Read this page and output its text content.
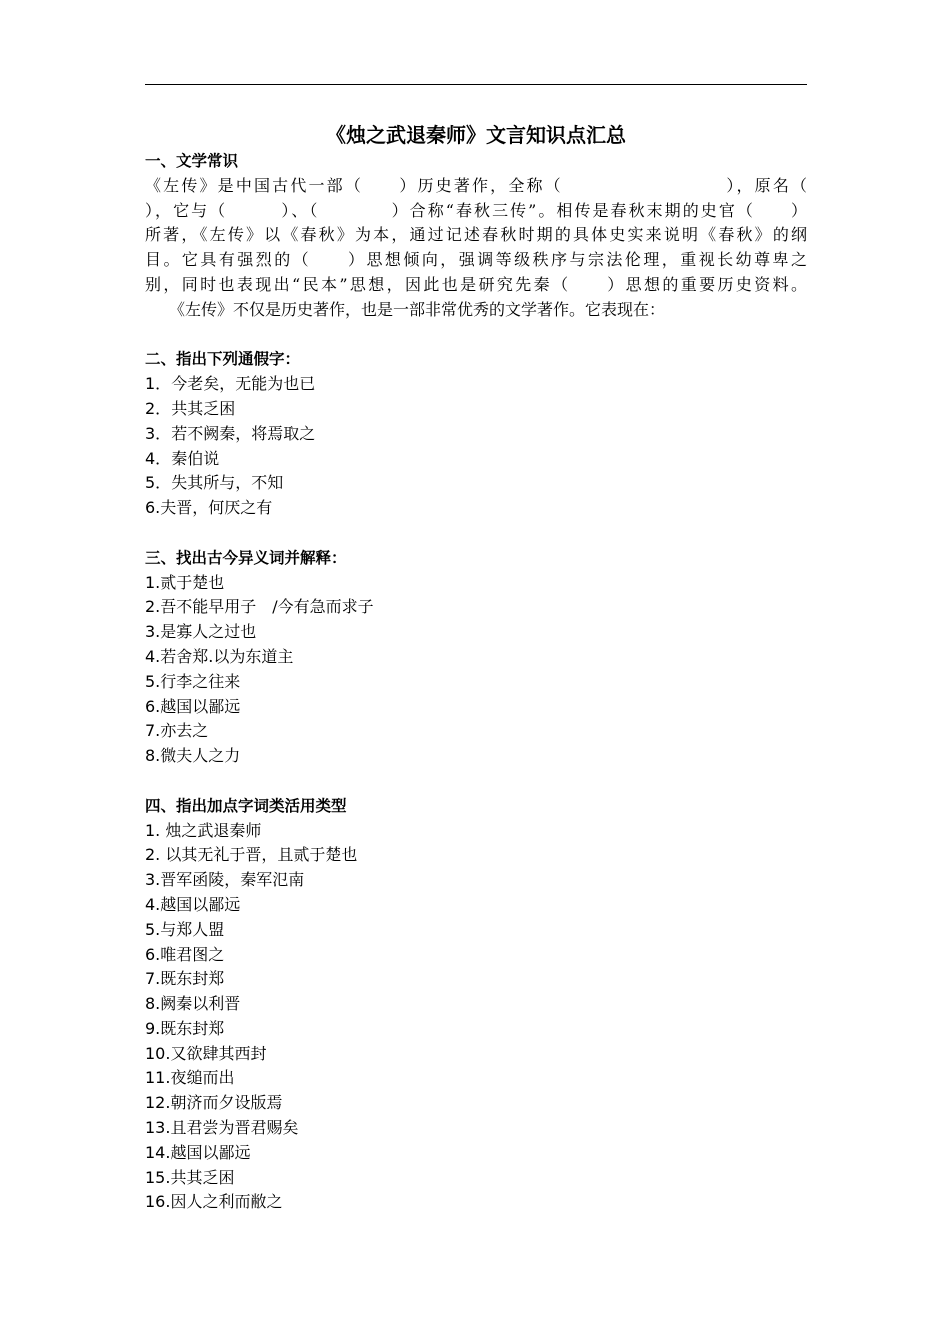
《烛之武退秦师》文言知识点汇总
一、文学常识
《左传》是中国古代一部（　　）历史著作，全称（　　　　　　　　　），原名（
），它与（　　　）、（　　　　）合称“春秋三传”。相传是春秋末期的史官（　　）
所著，《左传》以《春秋》为本，通过记述春秋时期的具体史实来说明《春秋》的纲
目。它具有强烈的（　　）思想倾向，强调等级秩序与宗法伦理，重视长幼尊卑之
别，同时也表现出“民本”思想，因此也是研究先秦（　　）思想的重要历史资料。
《左传》不仅是历史著作，也是一部非常优秀的文学著作。它表现在：
二、指出下列通假字：
1．今老矣，无能为也已
2．共其乏困
3．若不阙秦，将焉取之
4．秦伯说
5．失其所与，不知
6.夫晋，何厌之有
三、找出古今异义词并解释：
1.贰于楚也
2.吾不能早用子　/今有急而求子
3.是寡人之过也
4.若舍郑.以为东道主
5.行李之往来
6.越国以鄙远
7.亦去之
8.微夫人之力
四、指出加点字词类活用类型
1. 烛之武退秦师
2. 以其无礼于晋，且贰于楚也
3.晋军函陵，秦军氾南
4.越国以鄙远
5.与郑人盟
6.唯君图之
7.既东封郑
8.阙秦以利晋
9.既东封郑
10.又欲肆其西封
11.夜缒而出
12.朝济而夕设版焉
13.且君尝为晋君赐矣
14.越国以鄙远
15.共其乏困
16.因人之利而敝之
